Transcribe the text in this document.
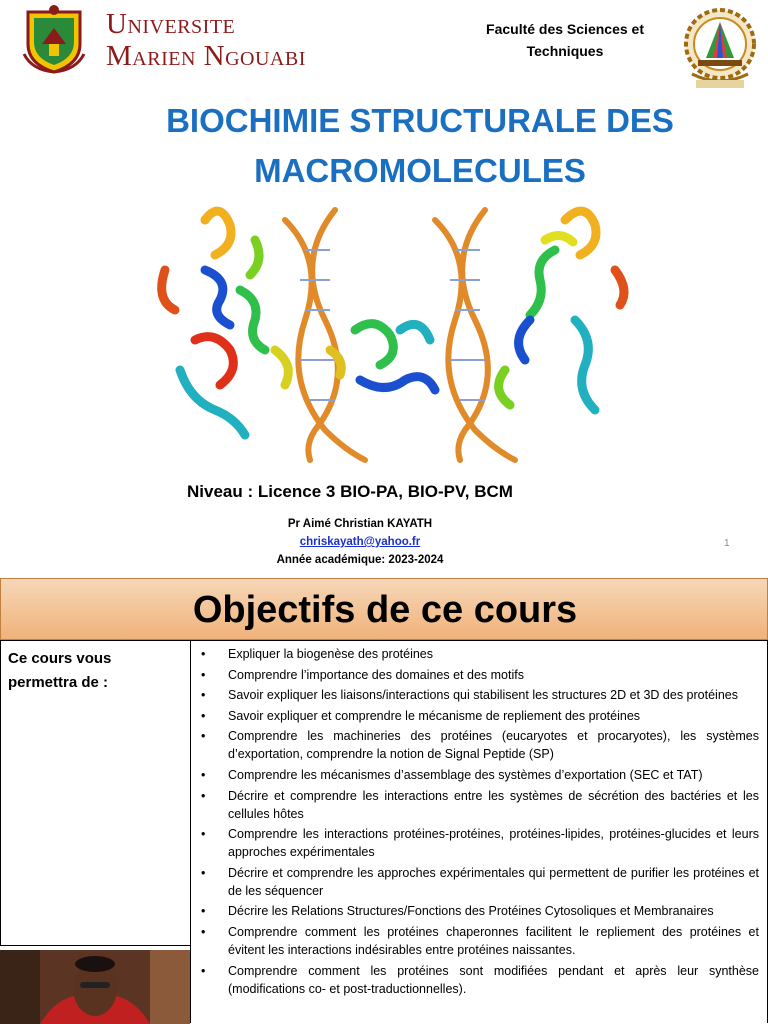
Universite
Marien Ngouabi
Faculté des Sciences et
Techniques
BIOCHIMIE STRUCTURALE DES
MACROMOLECULES
Niveau : Licence 3 BIO-PA, BIO-PV, BCM
Pr Aimé Christian KAYATH
chriskayath@yahoo.fr
Année académique: 2023-2024
1
Objectifs de ce cours
Ce cours vous
permettra de :
• Expliquer la biogenèse des protéines
• Comprendre l’importance des domaines et des motifs
• Savoir expliquer les liaisons/interactions qui stabilisent les structures 2D et 3D des protéines
• Savoir expliquer et comprendre le mécanisme de repliement des protéines
• Comprendre les machineries des protéines (eucaryotes et procaryotes), les systèmes d’exportation, comprendre la notion de Signal Peptide (SP)
• Comprendre les mécanismes d’assemblage des systèmes d’exportation (SEC et TAT)
• Décrire et comprendre les interactions entre les systèmes de sécrétion des bactéries et les cellules hôtes
• Comprendre les interactions protéines-protéines, protéines-lipides, protéines-glucides et leurs approches expérimentales
• Décrire et comprendre les approches expérimentales qui permettent de purifier les protéines et de les séquencer
• Décrire les Relations Structures/Fonctions des Protéines Cytosoliques et Membranaires
• Comprendre comment les protéines chaperonnes facilitent le repliement des protéines et évitent les interactions indésirables entre protéines naissantes.
• Comprendre comment les protéines sont modifiées pendant et après leur synthèse (modifications co- et post-traductionnelles).
